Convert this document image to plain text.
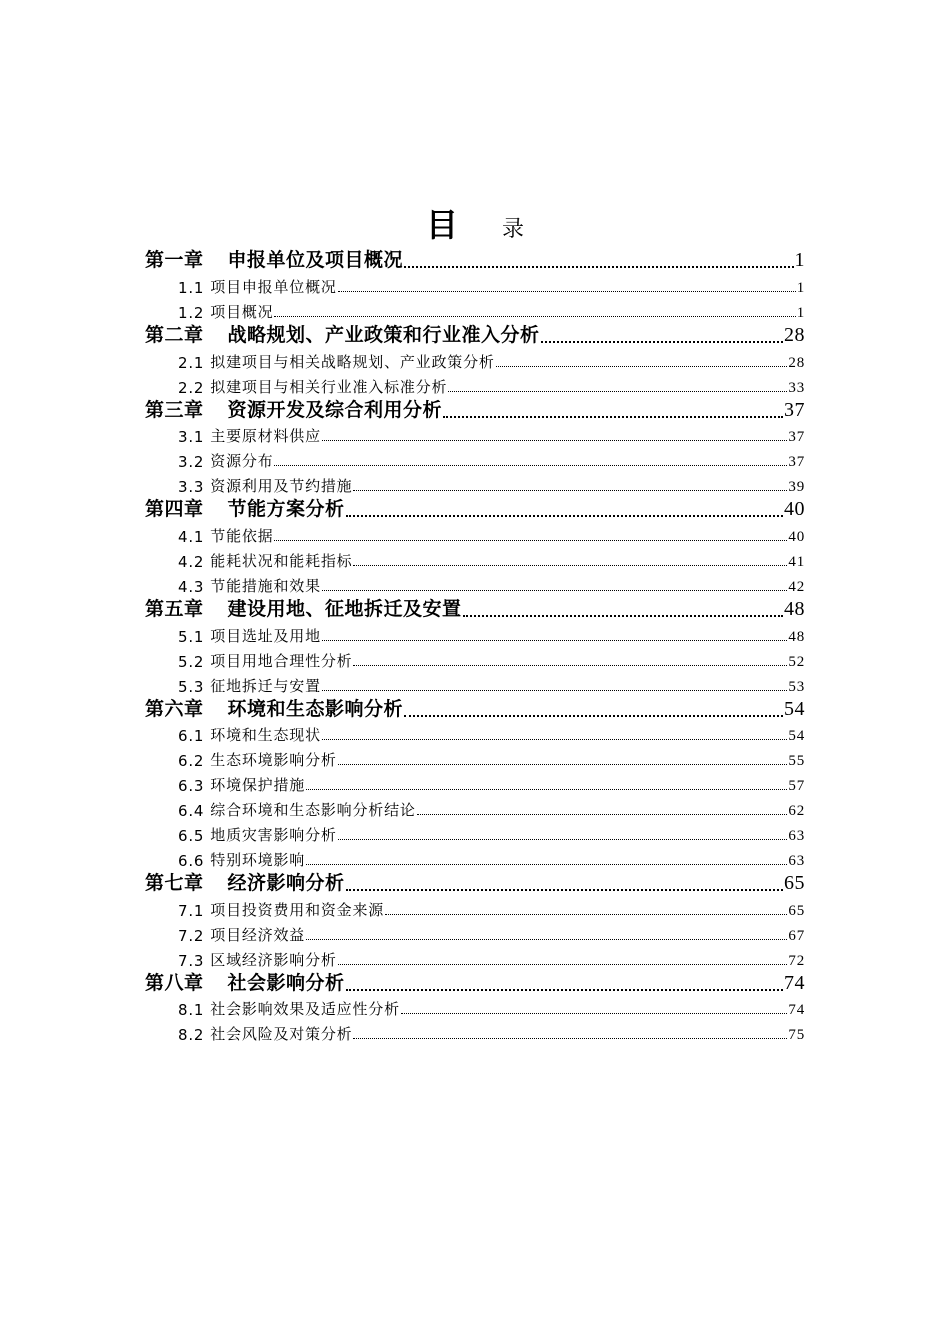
目 录
第一章 申报单位及项目概况	1
1.1 项目申报单位概况	1
1.2 项目概况	1
第二章 战略规划、产业政策和行业准入分析	28
2.1 拟建项目与相关战略规划、产业政策分析	28
2.2 拟建项目与相关行业准入标准分析	33
第三章 资源开发及综合利用分析	37
3.1 主要原材料供应	37
3.2 资源分布	37
3.3 资源利用及节约措施	39
第四章 节能方案分析	40
4.1 节能依据	40
4.2 能耗状况和能耗指标	41
4.3 节能措施和效果	42
第五章 建设用地、征地拆迁及安置	48
5.1 项目选址及用地	48
5.2 项目用地合理性分析	52
5.3 征地拆迁与安置	53
第六章 环境和生态影响分析	54
6.1 环境和生态现状	54
6.2 生态环境影响分析	55
6.3 环境保护措施	57
6.4 综合环境和生态影响分析结论	62
6.5 地质灾害影响分析	63
6.6 特别环境影响	63
第七章 经济影响分析	65
7.1 项目投资费用和资金来源	65
7.2 项目经济效益	67
7.3 区域经济影响分析	72
第八章 社会影响分析	74
8.1 社会影响效果及适应性分析	74
8.2 社会风险及对策分析	75
